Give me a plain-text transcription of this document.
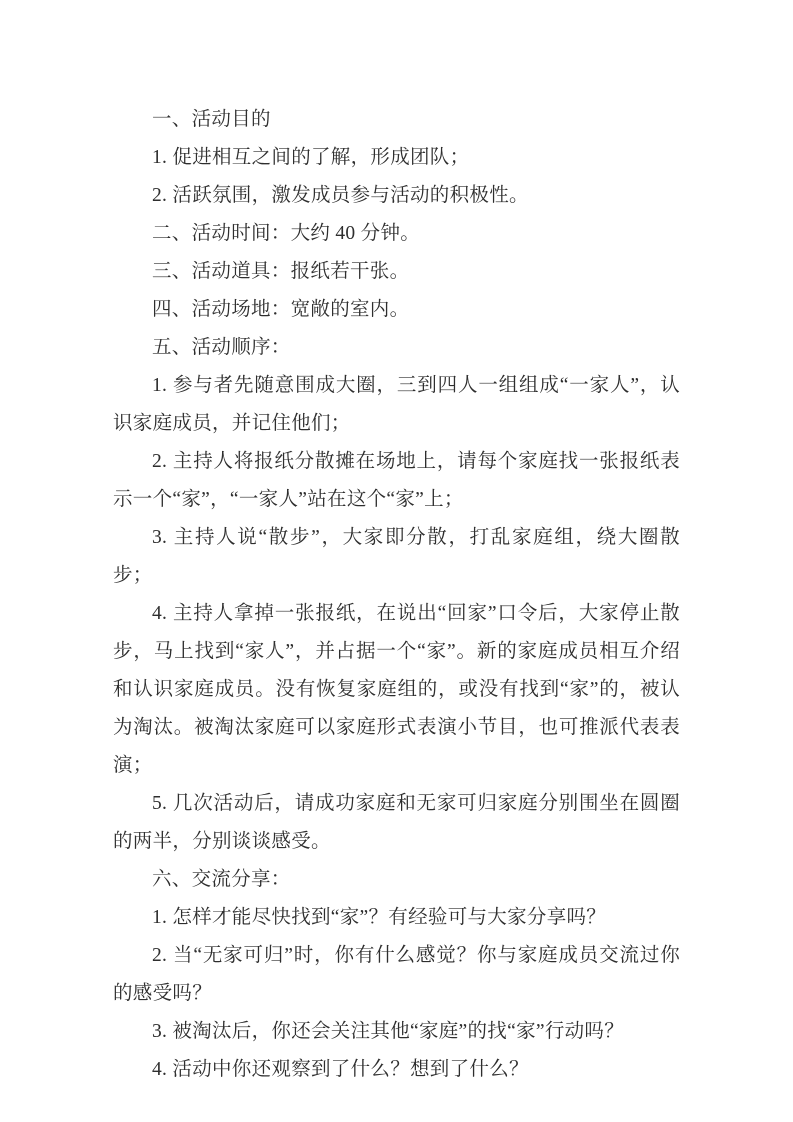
一、活动目的

1. 促进相互之间的了解，形成团队；

2. 活跃氛围，激发成员参与活动的积极性。

二、活动时间：大约 40 分钟。

三、活动道具：报纸若干张。

四、活动场地：宽敞的室内。

五、活动顺序：

1. 参与者先随意围成大圈，三到四人一组组成“一家人”，认识家庭成员，并记住他们；

2. 主持人将报纸分散摊在场地上，请每个家庭找一张报纸表示一个“家”，“一家人”站在这个“家”上；

3. 主持人说“散步”，大家即分散，打乱家庭组，绕大圈散步；

4. 主持人拿掉一张报纸，在说出“回家”口令后，大家停止散步，马上找到“家人”，并占据一个“家”。新的家庭成员相互介绍和认识家庭成员。没有恢复家庭组的，或没有找到“家”的，被认为淘汰。被淘汰家庭可以家庭形式表演小节目，也可推派代表表演；

5. 几次活动后，请成功家庭和无家可归家庭分别围坐在圆圈的两半，分别谈谈感受。

六、交流分享：

1. 怎样才能尽快找到“家”？有经验可与大家分享吗？

2. 当“无家可归”时，你有什么感觉？你与家庭成员交流过你的感受吗？

3. 被淘汰后，你还会关注其他“家庭”的找“家”行动吗？

4. 活动中你还观察到了什么？想到了什么？
